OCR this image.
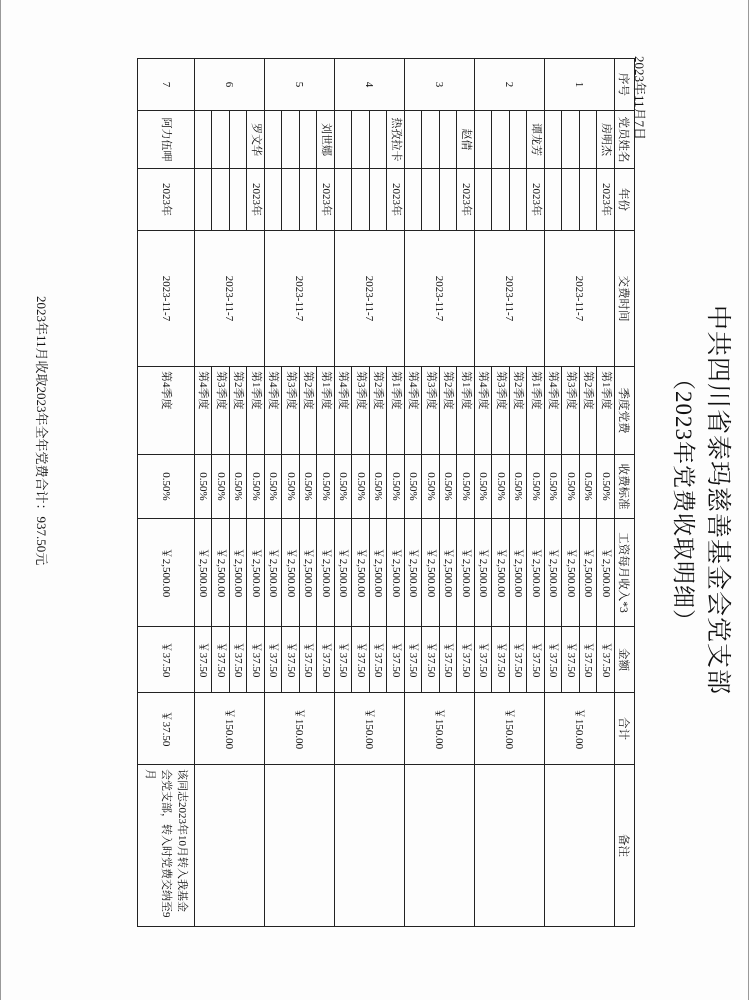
中共四川省泰玛慈善基金会党支部
（2023年党费收取明细）
2023年11月7日
序号	党员姓名	年份	交费时间	季度党费	收费标准	工资每月收入*3	金额	合计	备注
1	房明杰	2023年	2023-11-7	第1季度	0.50%	￥2,500.00	￥37.50	￥150.00	
				第2季度	0.50%	￥2,500.00	￥37.50		
				第3季度	0.50%	￥2,500.00	￥37.50		
				第4季度	0.50%	￥2,500.00	￥37.50		
2	谭龙芳	2023年	2023-11-7	第1季度	0.50%	￥2,500.00	￥37.50	￥150.00	
				第2季度	0.50%	￥2,500.00	￥37.50		
				第3季度	0.50%	￥2,500.00	￥37.50		
				第4季度	0.50%	￥2,500.00	￥37.50		
3	赵倩	2023年	2023-11-7	第1季度	0.50%	￥2,500.00	￥37.50	￥150.00	
				第2季度	0.50%	￥2,500.00	￥37.50		
				第3季度	0.50%	￥2,500.00	￥37.50		
				第4季度	0.50%	￥2,500.00	￥37.50		
4	热孜拉卡	2023年	2023-11-7	第1季度	0.50%	￥2,500.00	￥37.50	￥150.00	
				第2季度	0.50%	￥2,500.00	￥37.50		
				第3季度	0.50%	￥2,500.00	￥37.50		
				第4季度	0.50%	￥2,500.00	￥37.50		
5	刘世娜	2023年	2023-11-7	第1季度	0.50%	￥2,500.00	￥37.50	￥150.00	
				第2季度	0.50%	￥2,500.00	￥37.50		
				第3季度	0.50%	￥2,500.00	￥37.50		
				第4季度	0.50%	￥2,500.00	￥37.50		
6	罗文华	2023年	2023-11-7	第1季度	0.50%	￥2,500.00	￥37.50	￥150.00	
				第2季度	0.50%	￥2,500.00	￥37.50		
				第3季度	0.50%	￥2,500.00	￥37.50		
				第4季度	0.50%	￥2,500.00	￥37.50		
7	阿力伍呷	2023年	2023-11-7	第4季度	0.50%	￥2,500.00	￥37.50	￥37.50	该同志2023年10月转入我基金会党支部，转入时党费交纳至9月
2023年11月收取2023年全年党费合计：937.50元
